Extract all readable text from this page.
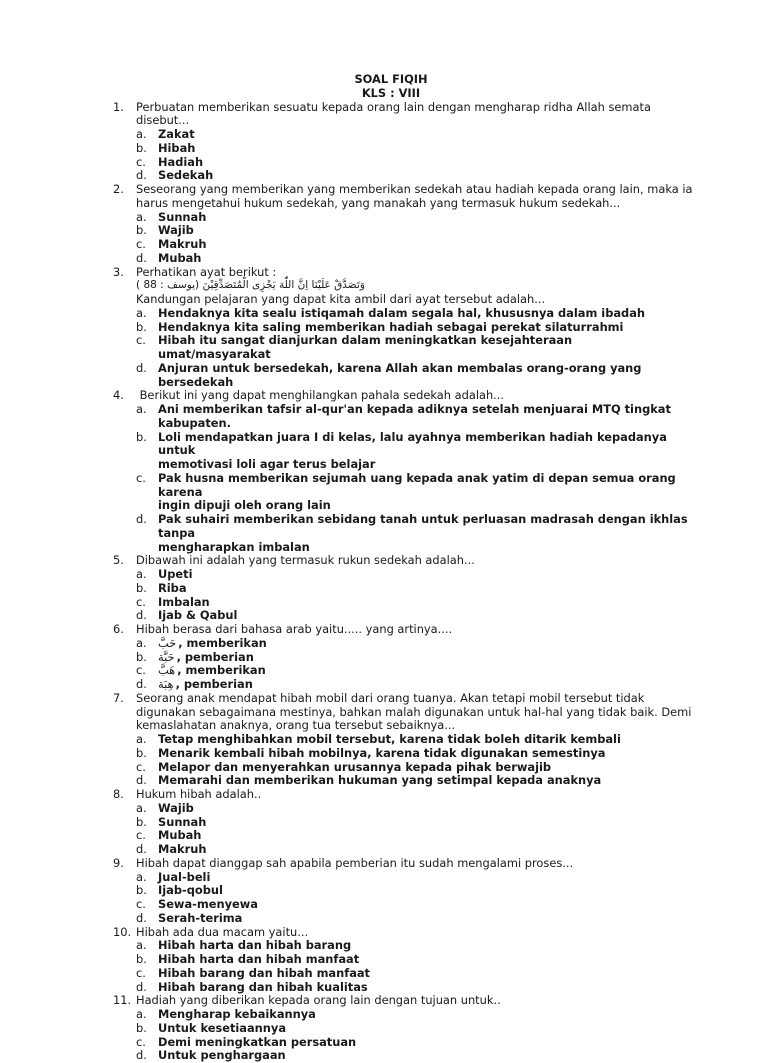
SOAL FIQIH
KLS : VIII
1. Perbuatan memberikan sesuatu kepada orang lain dengan mengharap ridha Allah semata
disebut...
a. Zakat
b. Hibah
c. Hadiah
d. Sedekah
2. Seseorang yang memberikan yang memberikan sedekah atau hadiah kepada orang lain, maka ia
harus mengetahui hukum sedekah, yang manakah yang termasuk hukum sedekah...
a. Sunnah
b. Wajib
c. Makruh
d. Mubah
3. Perhatikan ayat berikut :
وَتَصَدَّقْ عَلَيْنَا اِنَّ اللّٰهَ يَجْزِى الْمُتَصَدِّقِيْنَ (يوسف : 88 )
Kandungan pelajaran yang dapat kita ambil dari ayat tersebut adalah...
a. Hendaknya kita sealu istiqamah dalam segala hal, khususnya dalam ibadah
b. Hendaknya kita saling memberikan hadiah sebagai perekat silaturrahmi
c. Hibah itu sangat dianjurkan dalam meningkatkan kesejahteraan umat/masyarakat
d. Anjuran untuk bersedekah, karena Allah akan membalas orang-orang yang bersedekah
4. Berikut ini yang dapat menghilangkan pahala sedekah adalah...
a. Ani memberikan tafsir al-qur'an kepada adiknya setelah menjuarai MTQ tingkat kabupaten.
b. Loli mendapatkan juara I di kelas, lalu ayahnya memberikan hadiah kepadanya untuk
memotivasi loli agar terus belajar
c. Pak husna memberikan sejumah uang kepada anak yatim di depan semua orang karena
ingin dipuji oleh orang lain
d. Pak suhairi memberikan sebidang tanah untuk perluasan madrasah dengan ikhlas tanpa
mengharapkan imbalan
5. Dibawah ini adalah yang termasuk rukun sedekah adalah...
a. Upeti
b. Riba
c. Imbalan
d. Ijab & Qabul
6. Hibah berasa dari bahasa arab yaitu..... yang artinya....
a. حَبَّ , memberikan
b. حَبَّة , pemberian
c. هَبَّ , memberikan
d. هِبَة , pemberian
7. Seorang anak mendapat hibah mobil dari orang tuanya. Akan tetapi mobil tersebut tidak
digunakan sebagaimana mestinya, bahkan malah digunakan untuk hal-hal yang tidak baik. Demi
kemaslahatan anaknya, orang tua tersebut sebaiknya...
a. Tetap menghibahkan mobil tersebut, karena tidak boleh ditarik kembali
b. Menarik kembali hibah mobilnya, karena tidak digunakan semestinya
c. Melapor dan menyerahkan urusannya kepada pihak berwajib
d. Memarahi dan memberikan hukuman yang setimpal kepada anaknya
8. Hukum hibah adalah..
a. Wajib
b. Sunnah
c. Mubah
d. Makruh
9. Hibah dapat dianggap sah apabila pemberian itu sudah mengalami proses...
a. Jual-beli
b. Ijab-qobul
c. Sewa-menyewa
d. Serah-terima
10. Hibah ada dua macam yaitu...
a. Hibah harta dan hibah barang
b. Hibah harta dan hibah manfaat
c. Hibah barang dan hibah manfaat
d. Hibah barang dan hibah kualitas
11. Hadiah yang diberikan kepada orang lain dengan tujuan untuk..
a. Mengharap kebaikannya
b. Untuk kesetiaannya
c. Demi meningkatkan persatuan
d. Untuk penghargaan
